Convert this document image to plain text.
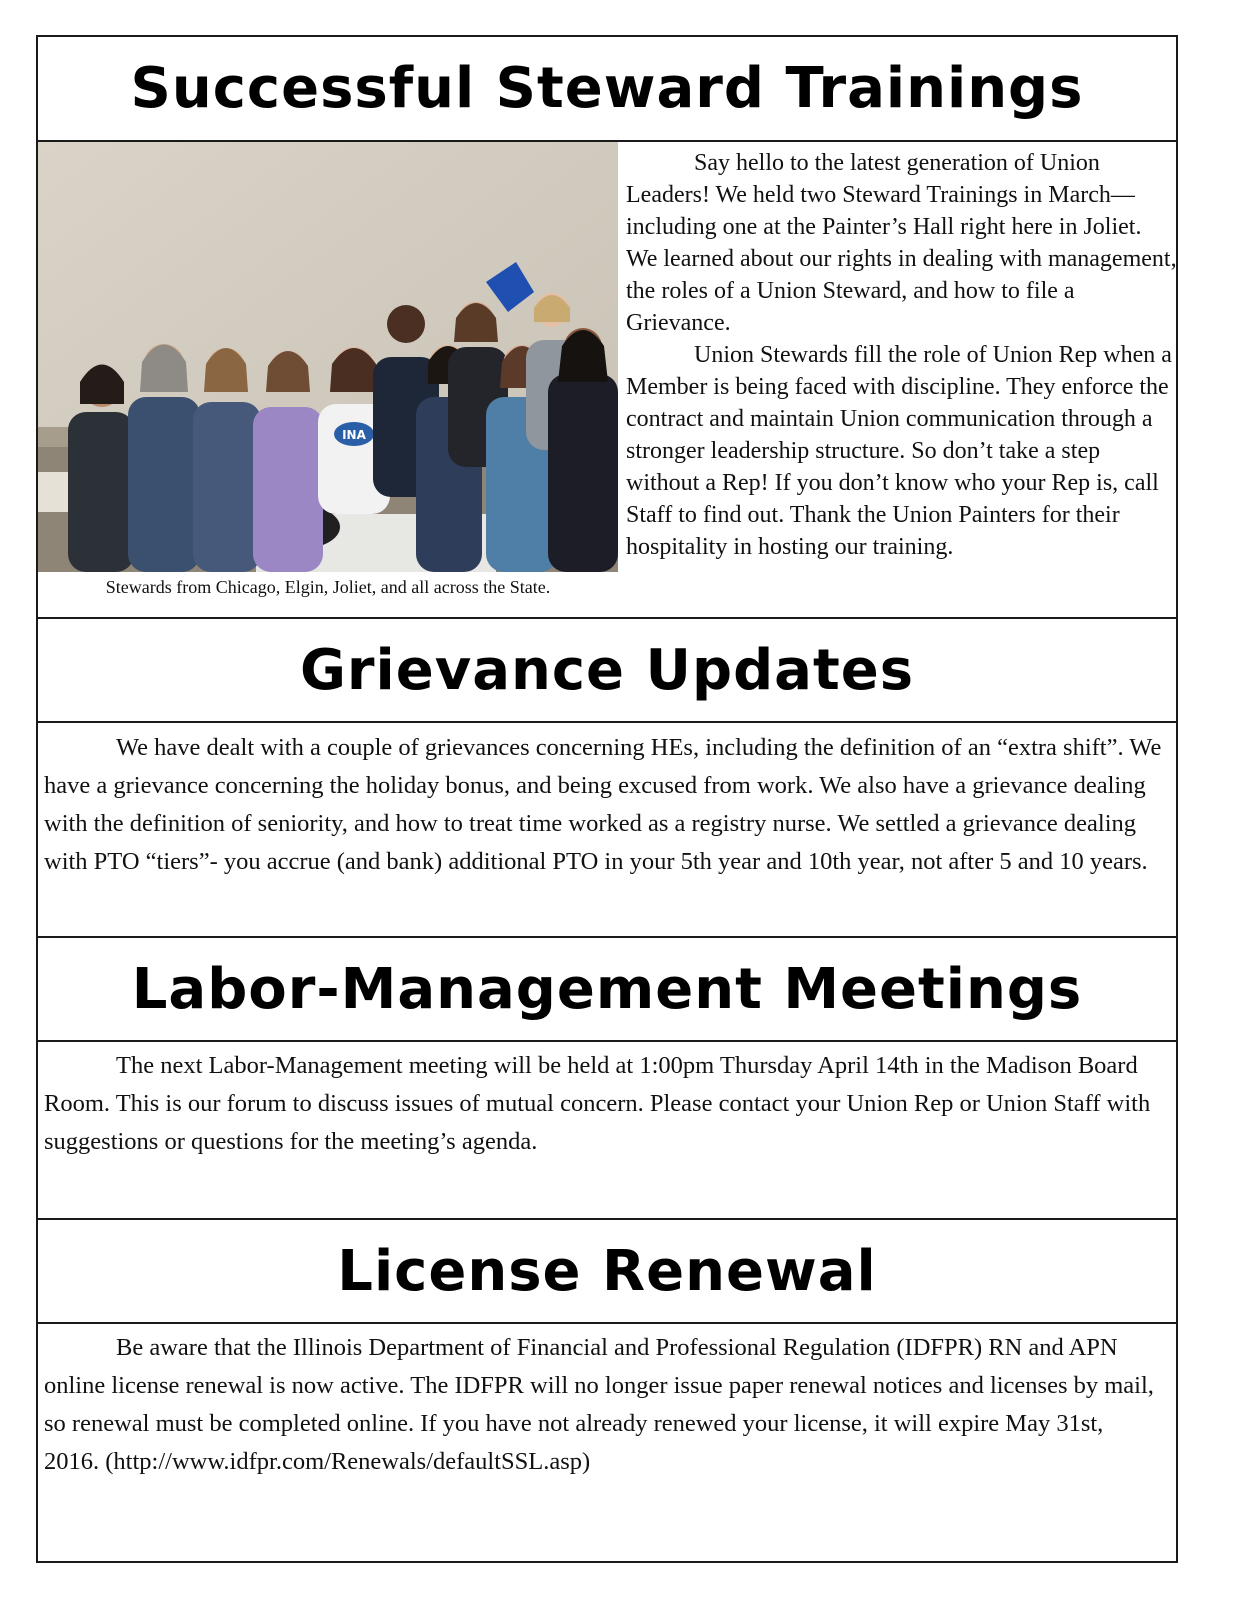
Successful Steward Trainings
INA
Stewards from Chicago, Elgin, Joliet, and all across the State.

Say hello to the latest generation of Union Leaders! We held two Steward Trainings in March—including one at the Painter’s Hall right here in Joliet. We learned about our rights in dealing with management, the roles of a Union Steward, and how to file a Grievance.

Union Stewards fill the role of Union Rep when a Member is being faced with discipline. They enforce the contract and maintain Union communication through a stronger leadership structure. So don’t take a step without a Rep! If you don’t know who your Rep is, call Staff to find out. Thank the Union Painters for their hospitality in hosting our training.

Grievance Updates

We have dealt with a couple of grievances concerning HEs, including the definition of an “extra shift”. We have a grievance concerning the holiday bonus, and being excused from work. We also have a grievance dealing with the definition of seniority, and how to treat time worked as a registry nurse. We settled a grievance dealing with PTO “tiers”- you accrue (and bank) additional PTO in your 5th year and 10th year, not after 5 and 10 years.

Labor-Management Meetings

The next Labor-Management meeting will be held at 1:00pm Thursday April 14th in the Madison Board Room. This is our forum to discuss issues of mutual concern. Please contact your Union Rep or Union Staff with suggestions or questions for the meeting’s agenda.

License Renewal

Be aware that the Illinois Department of Financial and Professional Regulation (IDFPR) RN and APN online license renewal is now active. The IDFPR will no longer issue paper renewal notices and licenses by mail, so renewal must be completed online. If you have not already renewed your license, it will expire May 31st, 2016. (http://www.idfpr.com/Renewals/defaultSSL.asp)
